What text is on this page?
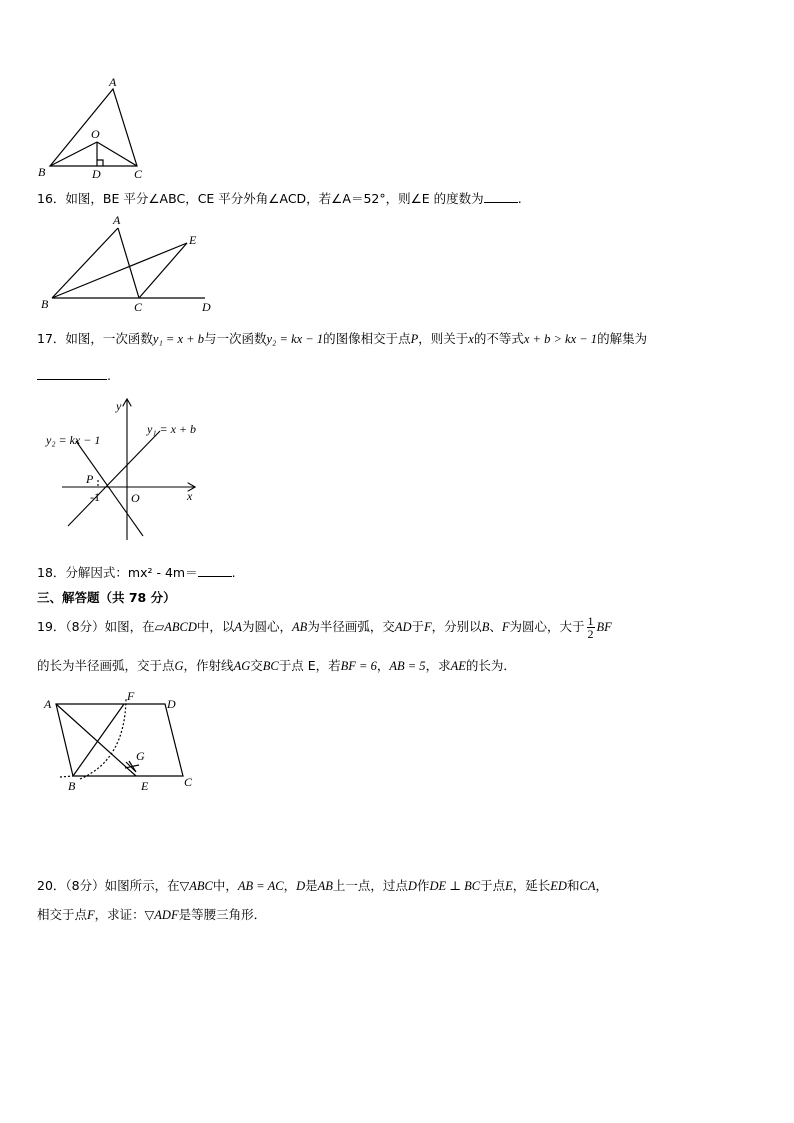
A
O
B	D	C
16．如图，BE 平分∠ABC，CE 平分外角∠ACD，若∠A＝52°，则∠E 的度数为	.
A
E
B	C	D
17．如图，一次函数y₁ = x + b与一次函数y₂ = kx − 1的图像相交于点P，则关于x的不等式x + b > kx − 1的解集为
.
y
x
O
P
-1
y₁ = x + b
y₂ = kx − 1
18．分解因式：mx² - 4m＝	.
三、解答题（共 78 分）
19．（8分）如图，在▱ABCD中，以A为圆心，AB为半径画弧，交AD于F，分别以B、F为圆心，大于 $\frac{1}{2}$ BF
的长为半径画弧，交于点G，作射线AG交BC于点 E，若BF = 6，AB = 5，求AE的长为．
A
F
D
G
B	E	C
20．（8分）如图所示，在▽ABC中，AB = AC，D是AB上一点，过点D作DE ⊥ BC于点E，延长ED和CA，
相交于点F，求证：▽ADF是等腰三角形．
